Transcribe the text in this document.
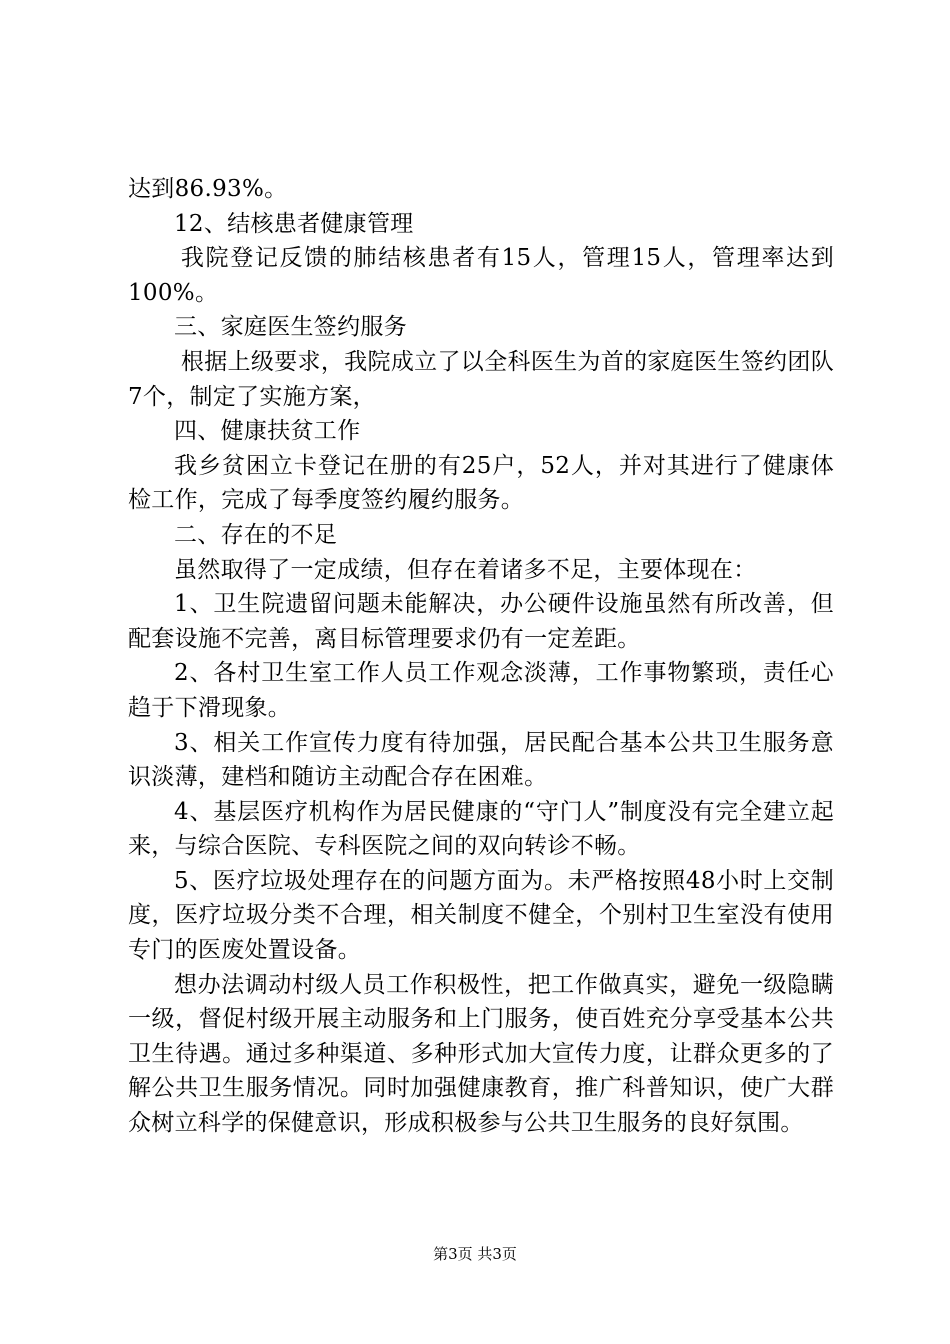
达到86.93%。

12、结核患者健康管理

我院登记反馈的肺结核患者有15人，管理15人，管理率达到100%。

三、家庭医生签约服务

根据上级要求，我院成立了以全科医生为首的家庭医生签约团队7个，制定了实施方案，

四、健康扶贫工作

我乡贫困立卡登记在册的有25户，52人，并对其进行了健康体检工作，完成了每季度签约履约服务。

二、存在的不足

虽然取得了一定成绩，但存在着诸多不足，主要体现在：

1、卫生院遗留问题未能解决，办公硬件设施虽然有所改善，但配套设施不完善，离目标管理要求仍有一定差距。

2、各村卫生室工作人员工作观念淡薄，工作事物繁琐，责任心趋于下滑现象。

3、相关工作宣传力度有待加强，居民配合基本公共卫生服务意识淡薄，建档和随访主动配合存在困难。

4、基层医疗机构作为居民健康的“守门人”制度没有完全建立起来，与综合医院、专科医院之间的双向转诊不畅。

5、医疗垃圾处理存在的问题方面为。未严格按照48小时上交制度，医疗垃圾分类不合理，相关制度不健全，个别村卫生室没有使用专门的医废处置设备。

想办法调动村级人员工作积极性，把工作做真实，避免一级隐瞒一级，督促村级开展主动服务和上门服务，使百姓充分享受基本公共卫生待遇。通过多种渠道、多种形式加大宣传力度，让群众更多的了解公共卫生服务情况。同时加强健康教育，推广科普知识，使广大群众树立科学的保健意识，形成积极参与公共卫生服务的良好氛围。

第3页 共3页
